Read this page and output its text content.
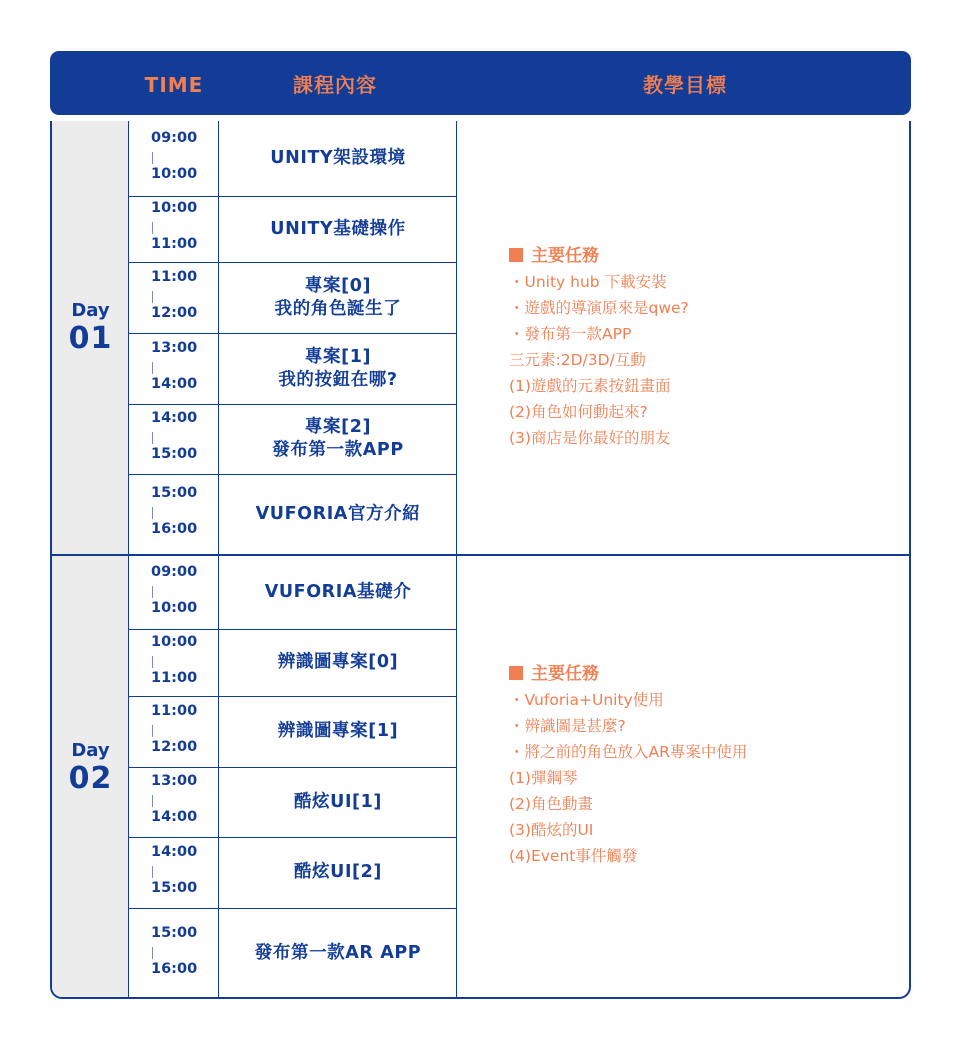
TIME	課程內容	教學目標
Day
01
09:00
10:00
UNITY架設環境
10:00
11:00
UNITY基礎操作
11:00
12:00
專案[0]
我的角色誕生了
13:00
14:00
專案[1]
我的按鈕在哪?
14:00
15:00
專案[2]
發布第一款APP
15:00
16:00
VUFORIA官方介紹
主要任務
・Unity hub 下載安裝
・遊戲的導演原來是qwe?
・發布第一款APP
三元素:2D/3D/互動
(1)遊戲的元素按鈕畫面
(2)角色如何動起來?
(3)商店是你最好的朋友
Day
02
09:00
10:00
VUFORIA基礎介
10:00
11:00
辨識圖專案[0]
11:00
12:00
辨識圖專案[1]
13:00
14:00
酷炫UI[1]
14:00
15:00
酷炫UI[2]
15:00
16:00
發布第一款AR APP
主要任務
・Vuforia+Unity使用
・辨識圖是甚麼?
・將之前的角色放入AR專案中使用
(1)彈鋼琴
(2)角色動畫
(3)酷炫的UI
(4)Event事件觸發
